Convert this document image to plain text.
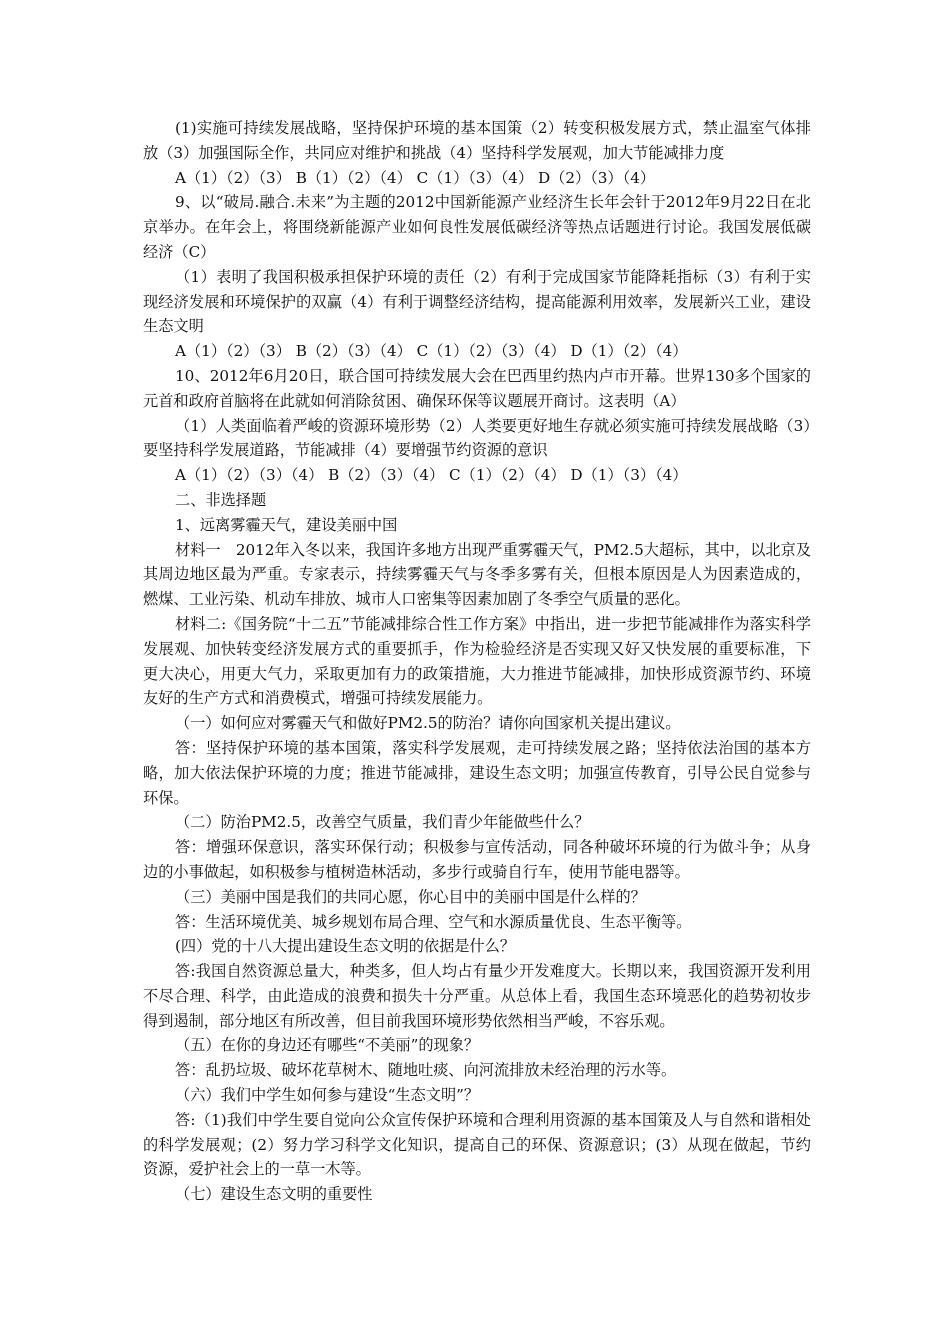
(1)实施可持续发展战略，坚持保护环境的基本国策（2）转变积极发展方式，禁止温室气体排放（3）加强国际全作，共同应对维护和挑战（4）坚持科学发展观，加大节能减排力度

A（1）（2）（3） B（1）（2）（4） C（1）（3）（4） D（2）（3）（4）

9、以“破局.融合.未来”为主题的2012中国新能源产业经济生长年会针于2012年9月22日在北京举办。在年会上，将围绕新能源产业如何良性发展低碳经济等热点话题进行讨论。我国发展低碳经济（C）

（1）表明了我国积极承担保护环境的责任（2）有利于完成国家节能降耗指标（3）有利于实现经济发展和环境保护的双赢（4）有利于调整经济结构，提高能源利用效率，发展新兴工业，建设生态文明

A（1）（2）（3） B（2）（3）（4） C（1）（2）（3）（4） D（1）（2）（4）

10、2012年6月20日，联合国可持续发展大会在巴西里约热内卢市开幕。世界130多个国家的元首和政府首脑将在此就如何消除贫困、确保环保等议题展开商讨。这表明（A）

（1）人类面临着严峻的资源环境形势（2）人类要更好地生存就必须实施可持续发展战略（3）要坚持科学发展道路，节能减排（4）要增强节约资源的意识

A（1）（2）（3）（4） B（2）（3）（4） C（1）（2）（4） D（1）（3）（4）

二、非选择题

1、远离雾霾天气，建设美丽中国

材料一　2012年入冬以来，我国许多地方出现严重雾霾天气，PM2.5大超标，其中，以北京及其周边地区最为严重。专家表示，持续雾霾天气与冬季多雾有关，但根本原因是人为因素造成的，燃煤、工业污染、机动车排放、城市人口密集等因素加剧了冬季空气质量的恶化。

材料二:《国务院“十二五”节能减排综合性工作方案》中指出，进一步把节能减排作为落实科学发展观、加快转变经济发展方式的重要抓手，作为检验经济是否实现又好又快发展的重要标准，下更大决心，用更大气力，采取更加有力的政策措施，大力推进节能减排，加快形成资源节约、环境友好的生产方式和消费模式，增强可持续发展能力。

（一）如何应对雾霾天气和做好PM2.5的防治？请你向国家机关提出建议。

答：坚持保护环境的基本国策，落实科学发展观，走可持续发展之路；坚持依法治国的基本方略，加大依法保护环境的力度；推进节能减排，建设生态文明；加强宣传教育，引导公民自觉参与环保。

（二）防治PM2.5，改善空气质量，我们青少年能做些什么？

答：增强环保意识，落实环保行动；积极参与宣传活动，同各种破坏环境的行为做斗争；从身边的小事做起，如积极参与植树造林活动，多步行或骑自行车，使用节能电器等。

（三）美丽中国是我们的共同心愿，你心目中的美丽中国是什么样的？

答：生活环境优美、城乡规划布局合理、空气和水源质量优良、生态平衡等。

(四）党的十八大提出建设生态文明的依据是什么？

答:我国自然资源总量大，种类多，但人均占有量少开发难度大。长期以来，我国资源开发利用不尽合理、科学，由此造成的浪费和损失十分严重。从总体上看，我国生态环境恶化的趋势初妆步得到遏制，部分地区有所改善，但目前我国环境形势依然相当严峻，不容乐观。

（五）在你的身边还有哪些“不美丽”的现象？

答：乱扔垃圾、破坏花草树木、随地吐痰、向河流排放未经治理的污水等。

（六）我们中学生如何参与建设“生态文明”？

答:（1)我们中学生要自觉向公众宣传保护环境和合理利用资源的基本国策及人与自然和谐相处的科学发展观；(2）努力学习科学文化知识，提高自己的环保、资源意识；(3）从现在做起，节约资源，爱护社会上的一草一木等。

（七）建设生态文明的重要性
